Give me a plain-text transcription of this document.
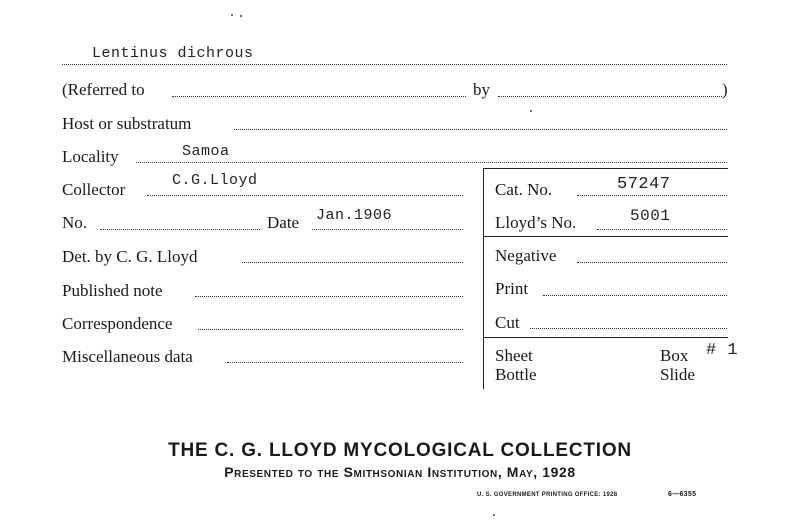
Lentinus dichrous
(Referred to	by	)
Host or substratum
Locality	Samoa
Collector	C.G.Lloyd	Cat. No.	57247
No.	Date Jan.1906	Lloyd’s No.	5001
Det. by C. G. Lloyd	Negative
Published note	Print
Correspondence	Cut
Miscellaneous data	Sheet	Box # 1
Bottle	Slide
THE C. G. LLOYD MYCOLOGICAL COLLECTION
Presented to the Smithsonian Institution, May, 1928
U. S. GOVERNMENT PRINTING OFFICE: 1928	6—6355
